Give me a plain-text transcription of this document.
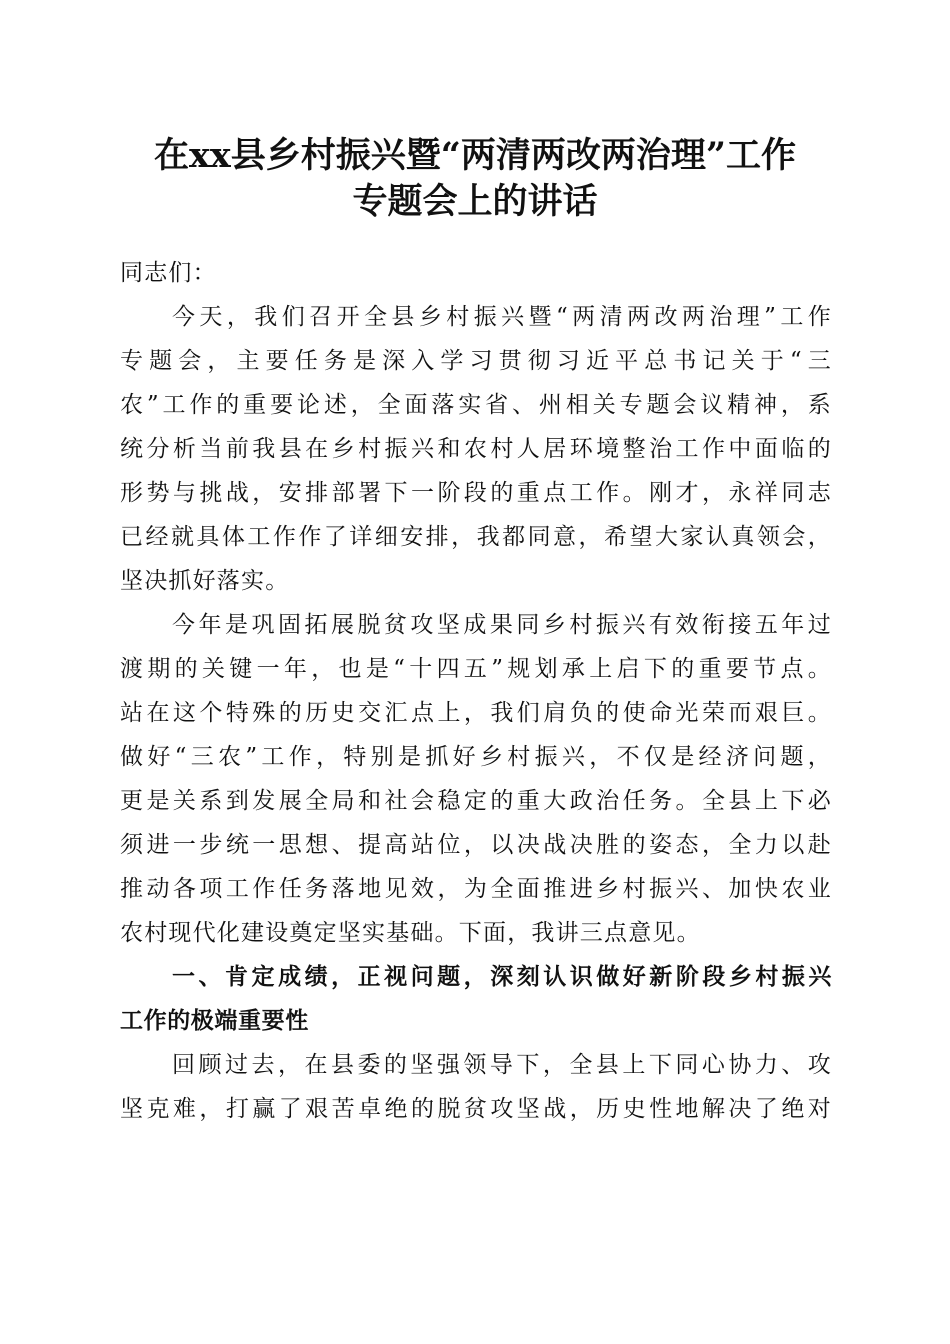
在xx县乡村振兴暨“两清两改两治理”工作
专题会上的讲话
同志们：
今天，我们召开全县乡村振兴暨“两清两改两治理”工作
专题会，主要任务是深入学习贯彻习近平总书记关于“三
农”工作的重要论述，全面落实省、州相关专题会议精神，系
统分析当前我县在乡村振兴和农村人居环境整治工作中面临的
形势与挑战，安排部署下一阶段的重点工作。刚才，永祥同志
已经就具体工作作了详细安排，我都同意，希望大家认真领会，
坚决抓好落实。
今年是巩固拓展脱贫攻坚成果同乡村振兴有效衔接五年过
渡期的关键一年，也是“十四五”规划承上启下的重要节点。
站在这个特殊的历史交汇点上，我们肩负的使命光荣而艰巨。
做好“三农”工作，特别是抓好乡村振兴，不仅是经济问题，
更是关系到发展全局和社会稳定的重大政治任务。全县上下必
须进一步统一思想、提高站位，以决战决胜的姿态，全力以赴
推动各项工作任务落地见效，为全面推进乡村振兴、加快农业
农村现代化建设奠定坚实基础。下面，我讲三点意见。
一、肯定成绩，正视问题，深刻认识做好新阶段乡村振兴
工作的极端重要性
回顾过去，在县委的坚强领导下，全县上下同心协力、攻
坚克难，打赢了艰苦卓绝的脱贫攻坚战，历史性地解决了绝对
